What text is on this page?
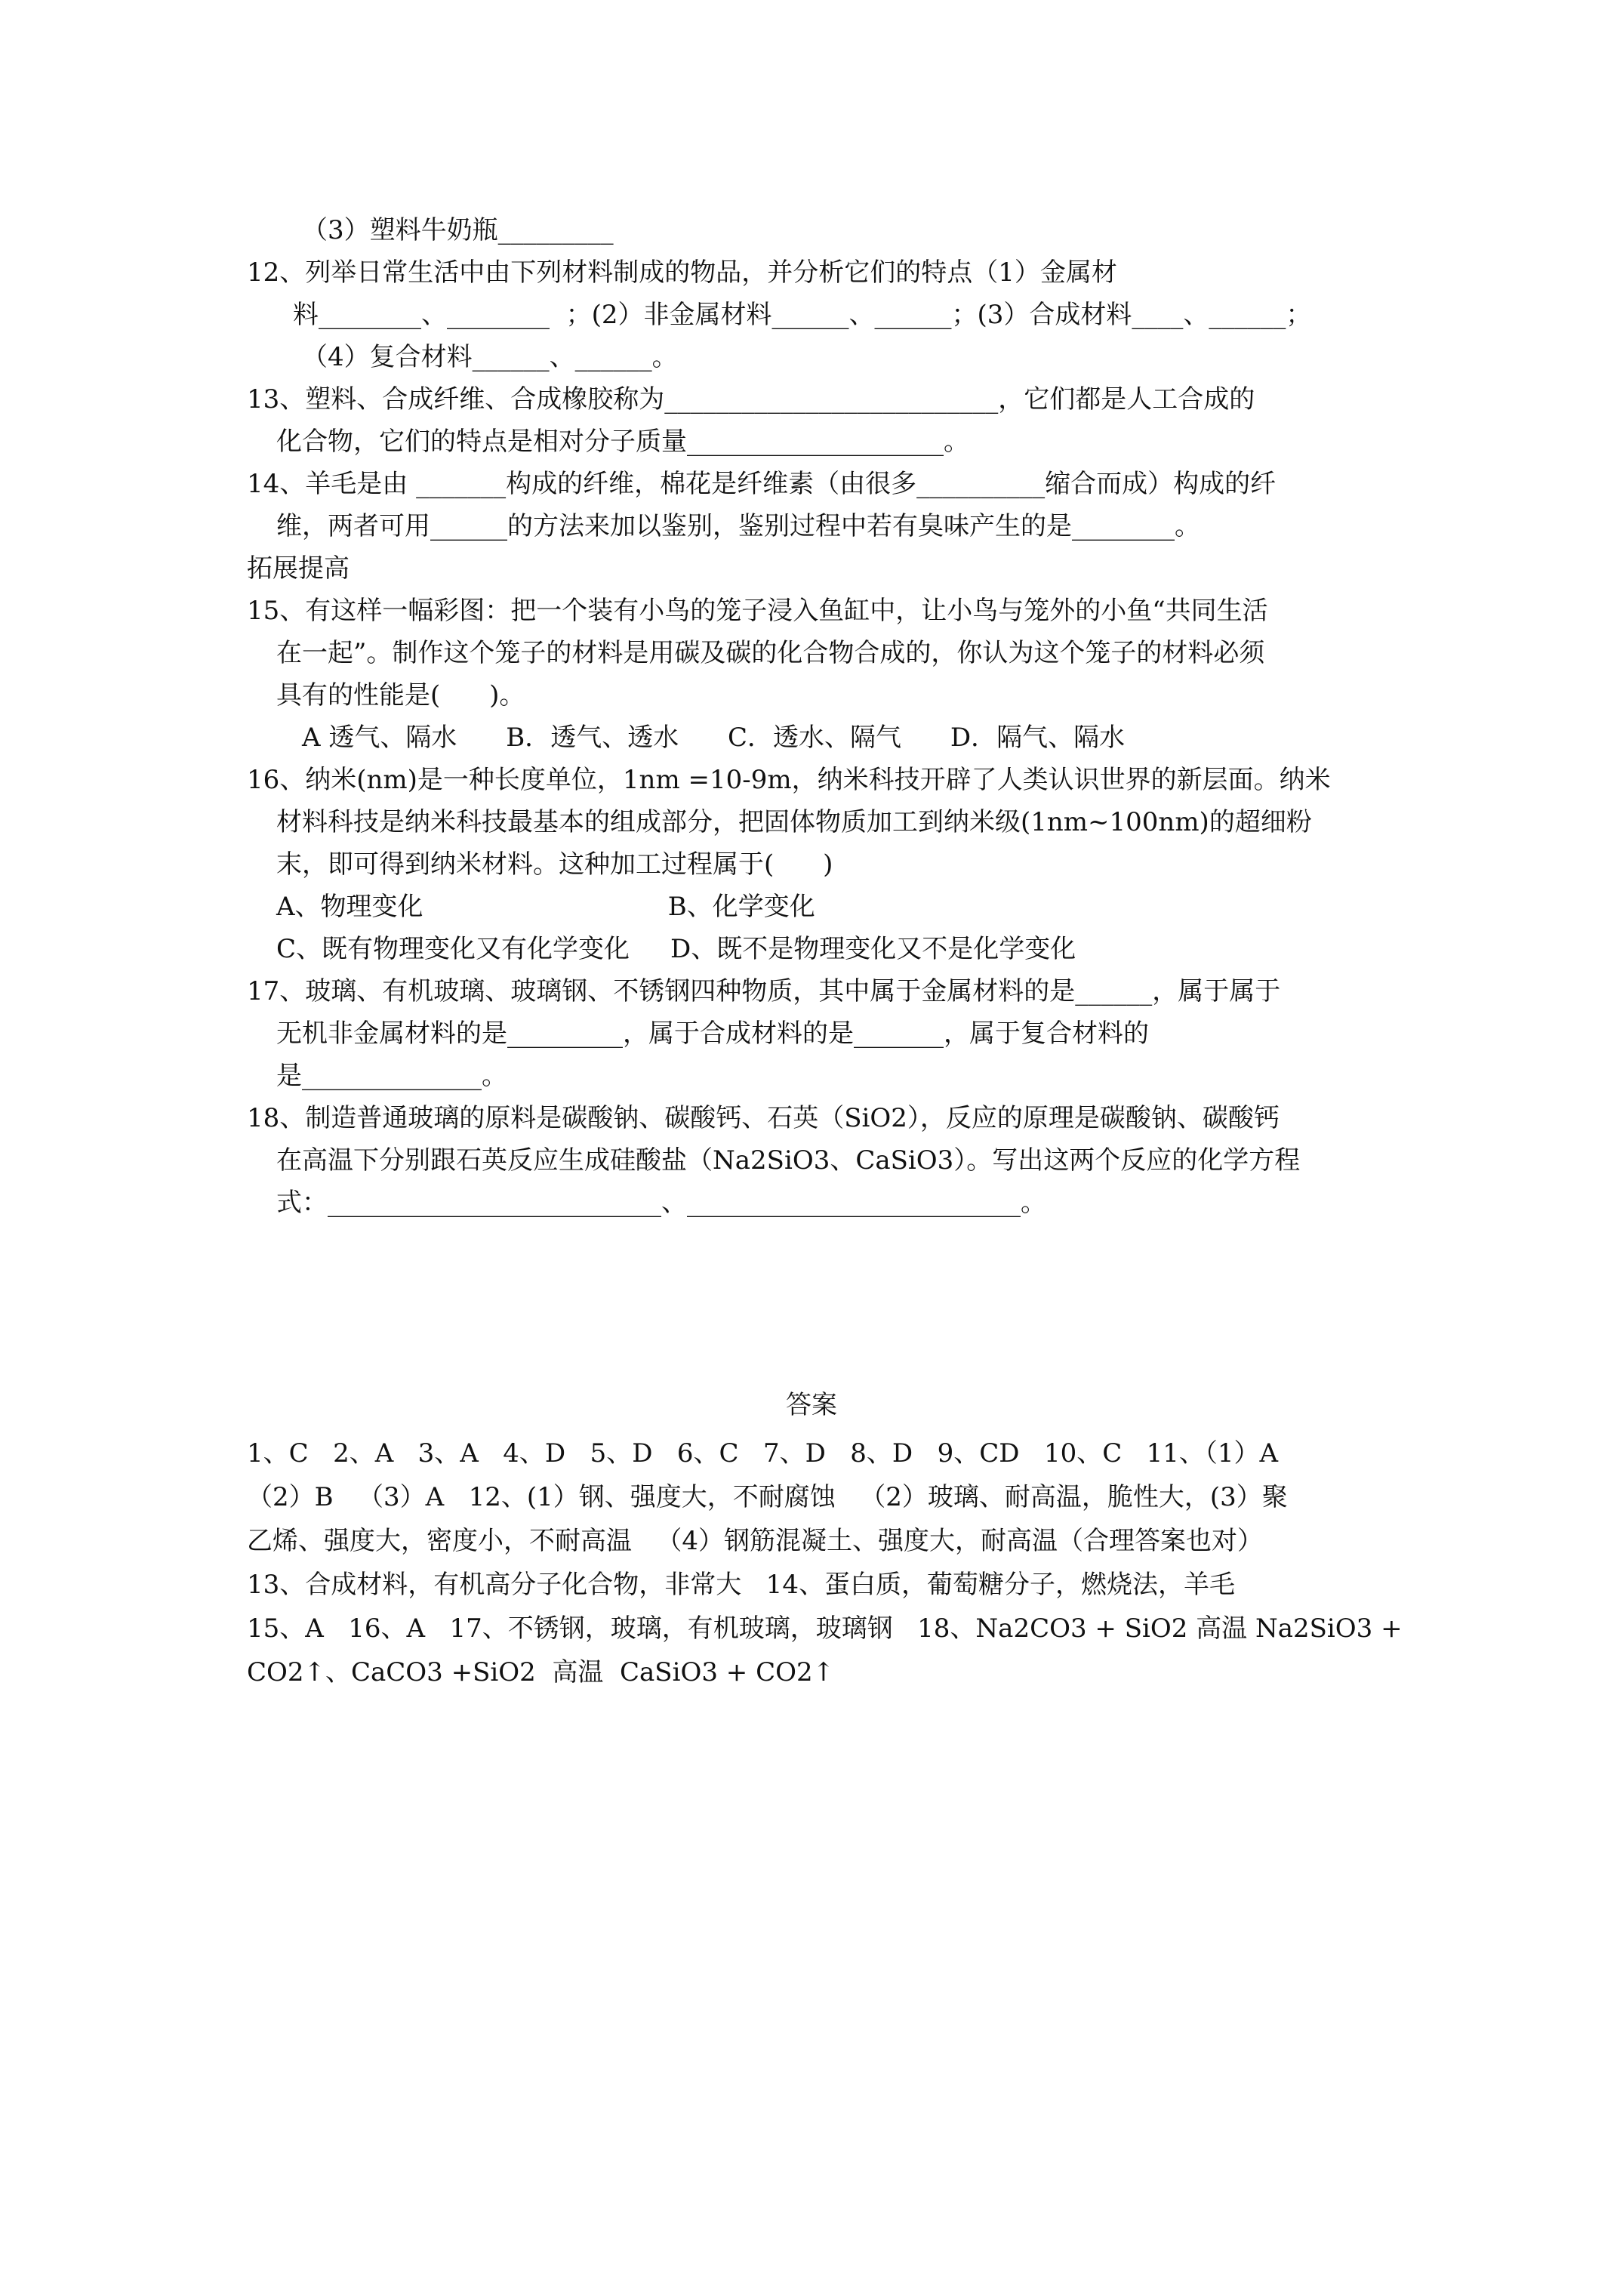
（3）塑料牛奶瓶_________
12、列举日常生活中由下列材料制成的物品，并分析它们的特点（1）金属材
料________、________  ；(2）非金属材料______、______；(3）合成材料____、______；
（4）复合材料______、______。
13、塑料、合成纤维、合成橡胶称为__________________________，它们都是人工合成的
化合物，它们的特点是相对分子质量____________________。
14、羊毛是由 _______构成的纤维，棉花是纤维素（由很多__________缩合而成）构成的纤
维，两者可用______的方法来加以鉴别，鉴别过程中若有臭味产生的是________。
拓展提高
15、有这样一幅彩图：把一个装有小鸟的笼子浸入鱼缸中，让小鸟与笼外的小鱼“共同生活
在一起”。制作这个笼子的材料是用碳及碳的化合物合成的，你认为这个笼子的材料必须
具有的性能是(      )。
A 透气、隔水      B．透气、透水      C．透水、隔气      D．隔气、隔水
16、纳米(nm)是一种长度单位，1nm =10-9m，纳米科技开辟了人类认识世界的新层面。纳米
材料科技是纳米科技最基本的组成部分，把固体物质加工到纳米级(1nm~100nm)的超细粉
末，即可得到纳米材料。这种加工过程属于(      )
A、物理变化                              B、化学变化
C、既有物理变化又有化学变化     D、既不是物理变化又不是化学变化
17、玻璃、有机玻璃、玻璃钢、不锈钢四种物质，其中属于金属材料的是______，属于属于
无机非金属材料的是_________，属于合成材料的是_______，属于复合材料的
是______________。
18、制造普通玻璃的原料是碳酸钠、碳酸钙、石英（SiO2），反应的原理是碳酸钠、碳酸钙
在高温下分别跟石英反应生成硅酸盐（Na2SiO3、CaSiO3）。写出这两个反应的化学方程
式：__________________________、__________________________。
答案
1、C   2、A   3、A   4、D   5、D   6、C   7、D   8、D   9、CD   10、C   11、（1）A
（2）B   （3）A   12、(1）钢、强度大，不耐腐蚀   （2）玻璃、耐高温，脆性大，(3）聚
乙烯、强度大，密度小，不耐高温   （4）钢筋混凝土、强度大，耐高温（合理答案也对）
13、合成材料，有机高分子化合物，非常大   14、蛋白质，葡萄糖分子，燃烧法，羊毛
15、A   16、A   17、不锈钢，玻璃，有机玻璃，玻璃钢   18、Na2CO3 + SiO2 高温 Na2SiO3 +
CO2↑、CaCO3 +SiO2  高温  CaSiO3 + CO2↑
